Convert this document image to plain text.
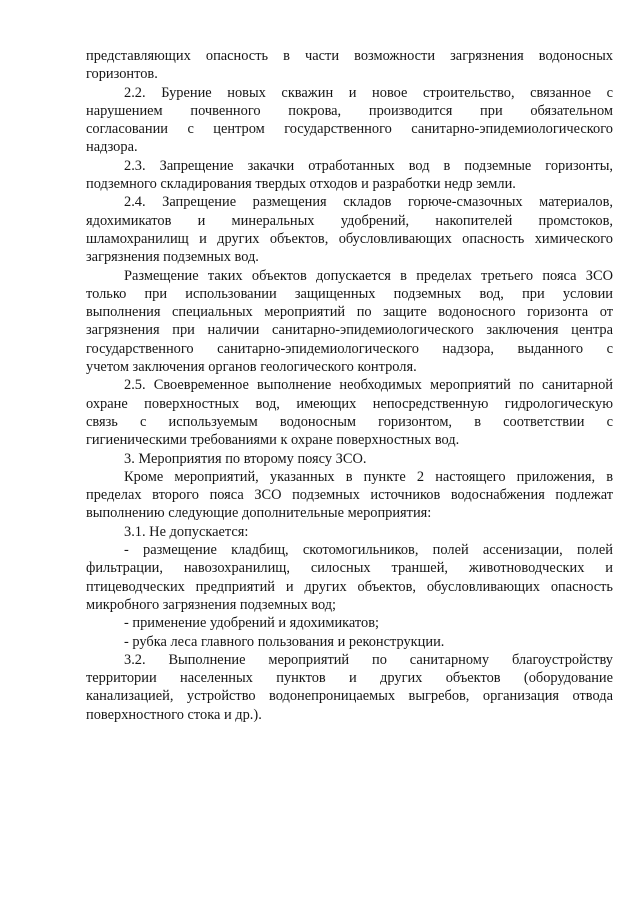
представляющих опасность в части возможности загрязнения водоносных
горизонтов.
2.2. Бурение новых скважин и новое строительство, связанное с
нарушением почвенного покрова, производится при обязательном
согласовании с центром государственного санитарно-эпидемиологического
надзора.
2.3. Запрещение закачки отработанных вод в подземные горизонты,
подземного складирования твердых отходов и разработки недр земли.
2.4. Запрещение размещения складов горюче-смазочных материалов,
ядохимикатов и минеральных удобрений, накопителей промстоков,
шламохранилищ и других объектов, обусловливающих опасность химического
загрязнения подземных вод.
Размещение таких объектов допускается в пределах третьего пояса ЗСО
только при использовании защищенных подземных вод, при условии
выполнения специальных мероприятий по защите водоносного горизонта от
загрязнения при наличии санитарно-эпидемиологического заключения центра
государственного санитарно-эпидемиологического надзора, выданного с
учетом заключения органов геологического контроля.
2.5. Своевременное выполнение необходимых мероприятий по санитарной
охране поверхностных вод, имеющих непосредственную гидрологическую
связь с используемым водоносным горизонтом, в соответствии с
гигиеническими требованиями к охране поверхностных вод.
3. Мероприятия по второму поясу ЗСО.
Кроме мероприятий, указанных в пункте 2 настоящего приложения, в
пределах второго пояса ЗСО подземных источников водоснабжения подлежат
выполнению следующие дополнительные мероприятия:
3.1. Не допускается:
- размещение кладбищ, скотомогильников, полей ассенизации, полей
фильтрации, навозохранилищ, силосных траншей, животноводческих и
птицеводческих предприятий и других объектов, обусловливающих опасность
микробного загрязнения подземных вод;
- применение удобрений и ядохимикатов;
- рубка леса главного пользования и реконструкции.
3.2. Выполнение мероприятий по санитарному благоустройству
территории населенных пунктов и других объектов (оборудование
канализацией, устройство водонепроницаемых выгребов, организация отвода
поверхностного стока и др.).
